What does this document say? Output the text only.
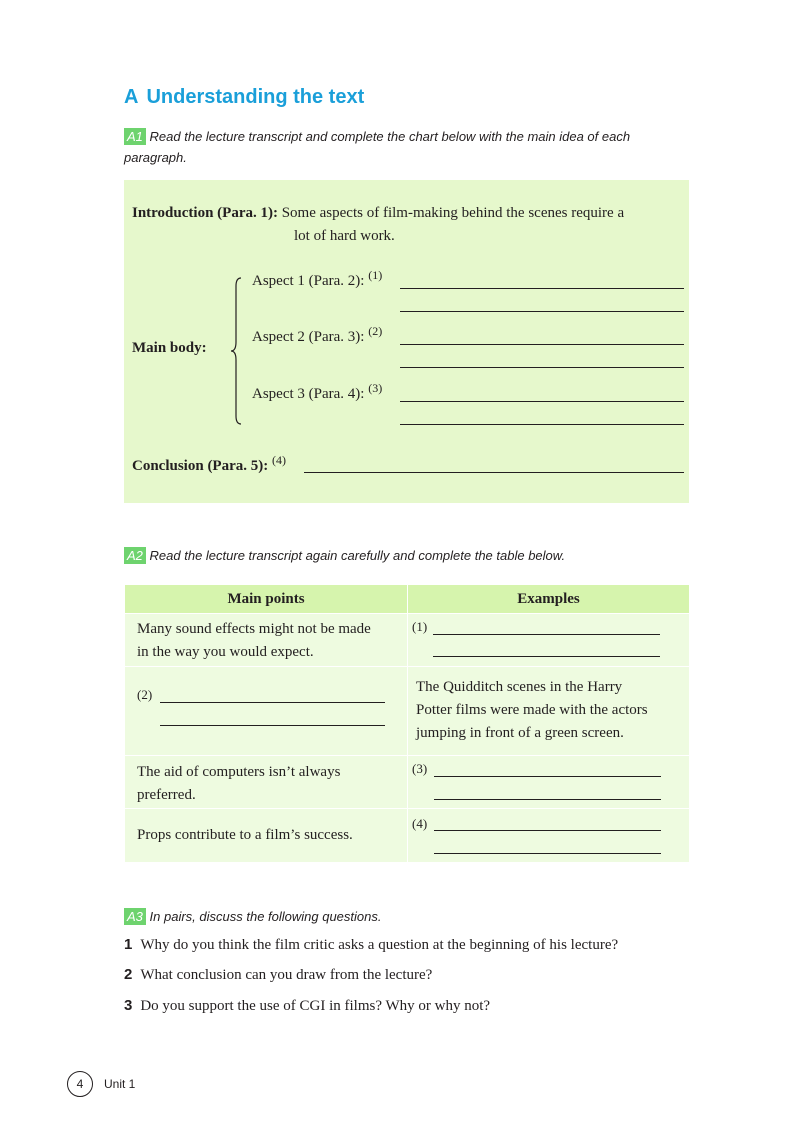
A Understanding the text
A1 Read the lecture transcript and complete the chart below with the main idea of each
paragraph.
Introduction (Para. 1): Some aspects of film-making behind the scenes require a
lot of hard work.
Main body:
Aspect 1 (Para. 2): $^{(1)}$
Aspect 2 (Para. 3): $^{(2)}$
Aspect 3 (Para. 4): $^{(3)}$
Conclusion (Para. 5): $^{(4)}$
A2 Read the lecture transcript again carefully and complete the table below.
Main points	Examples

Many sound effects might not be made
in the way you would expect.	(1)

(2)	The Quidditch scenes in the Harry
Potter films were made with the actors
jumping in front of a green screen.

The aid of computers isn’t always
preferred.	(3)

Props contribute to a film’s success.	(4)
A3 In pairs, discuss the following questions.
1 Why do you think the film critic asks a question at the beginning of his lecture?
2 What conclusion can you draw from the lecture?
3 Do you support the use of CGI in films? Why or why not?
4	Unit 1
